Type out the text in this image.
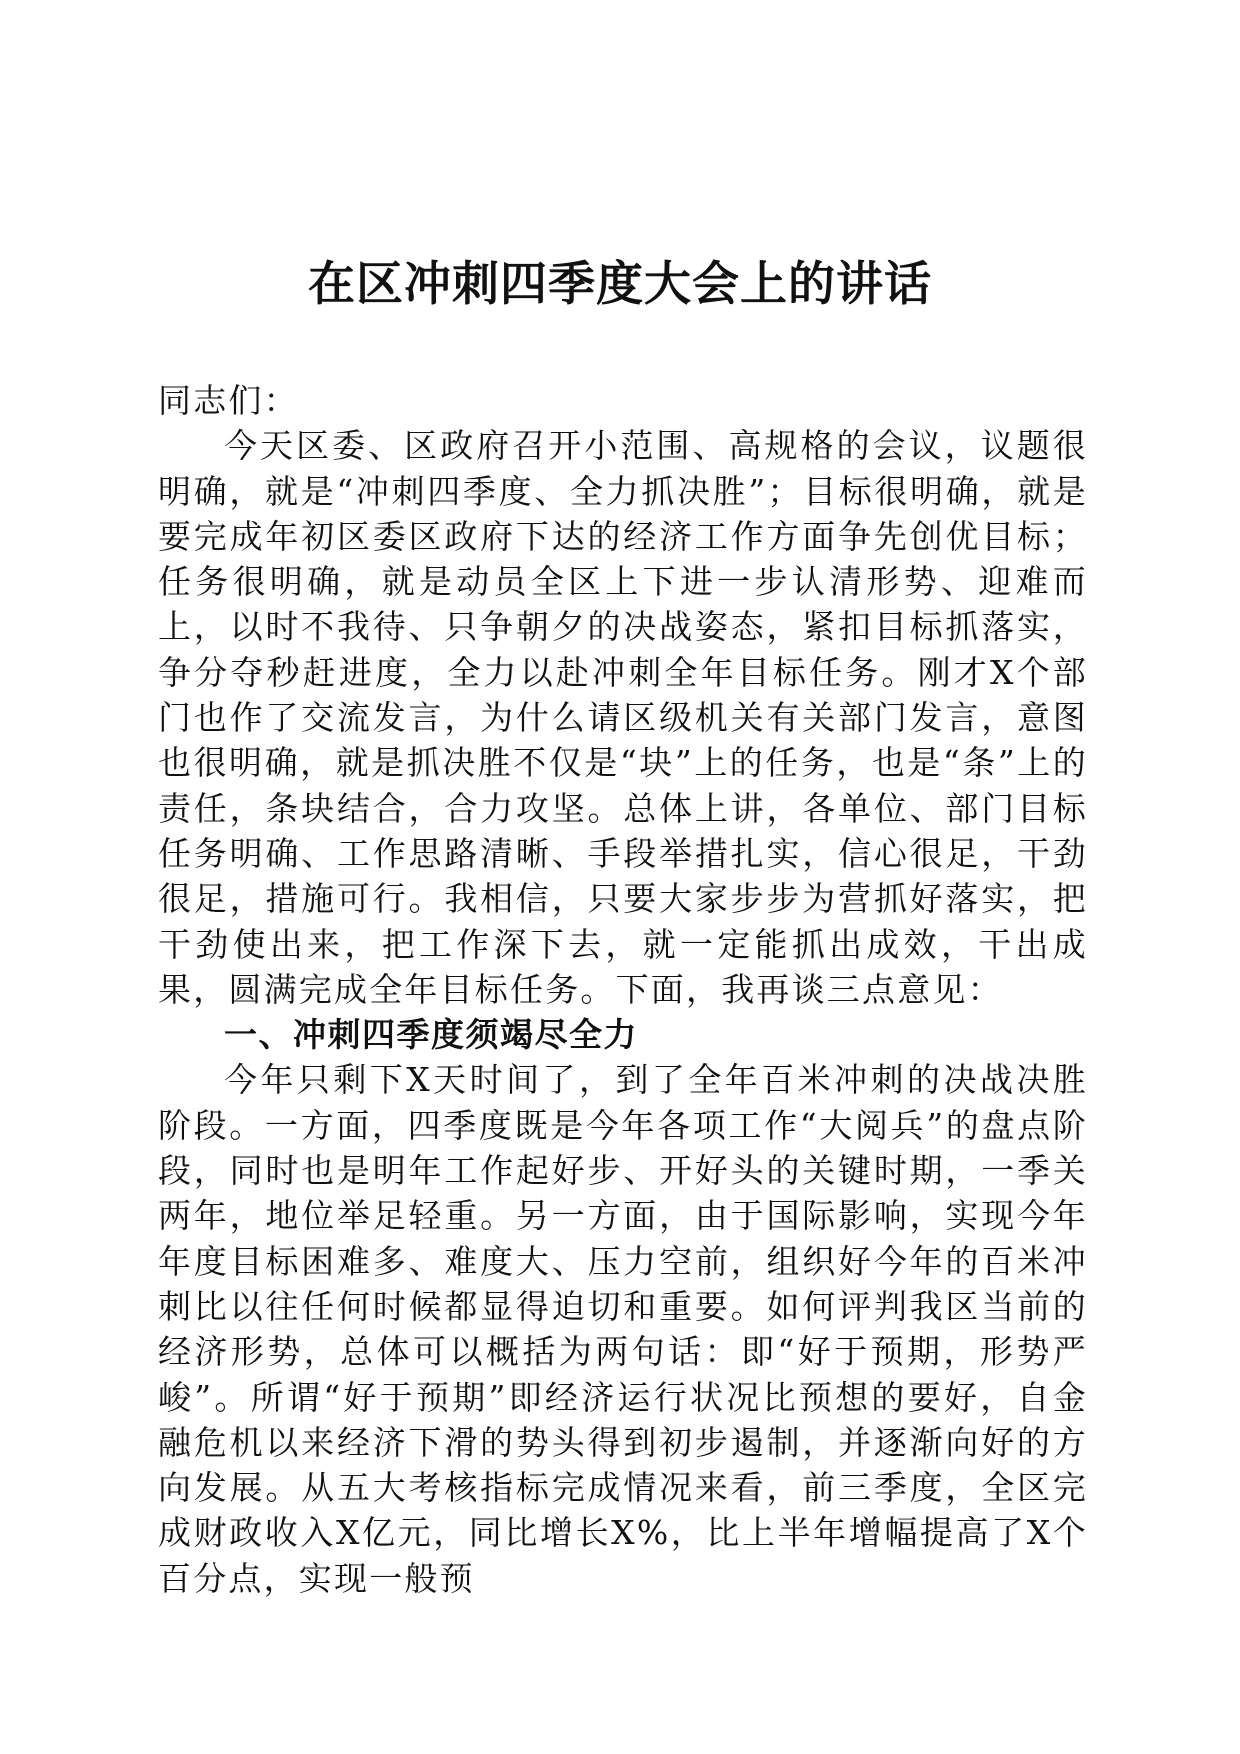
在区冲刺四季度大会上的讲话

同志们：

今天区委、区政府召开小范围、高规格的会议，议题很明确，就是“冲刺四季度、全力抓决胜”；目标很明确，就是要完成年初区委区政府下达的经济工作方面争先创优目标；任务很明确，就是动员全区上下进一步认清形势、迎难而上，以时不我待、只争朝夕的决战姿态，紧扣目标抓落实，争分夺秒赶进度，全力以赴冲刺全年目标任务。刚才X个部门也作了交流发言，为什么请区级机关有关部门发言，意图也很明确，就是抓决胜不仅是“块”上的任务，也是“条”上的责任，条块结合，合力攻坚。总体上讲，各单位、部门目标任务明确、工作思路清晰、手段举措扎实，信心很足，干劲很足，措施可行。我相信，只要大家步步为营抓好落实，把干劲使出来，把工作深下去，就一定能抓出成效，干出成果，圆满完成全年目标任务。下面，我再谈三点意见：

一、冲刺四季度须竭尽全力

今年只剩下X天时间了，到了全年百米冲刺的决战决胜阶段。一方面，四季度既是今年各项工作“大阅兵”的盘点阶段，同时也是明年工作起好步、开好头的关键时期，一季关两年，地位举足轻重。另一方面，由于国际影响，实现今年年度目标困难多、难度大、压力空前，组织好今年的百米冲刺比以往任何时候都显得迫切和重要。如何评判我区当前的经济形势，总体可以概括为两句话：即“好于预期，形势严峻”。所谓“好于预期”即经济运行状况比预想的要好，自金融危机以来经济下滑的势头得到初步遏制，并逐渐向好的方向发展。从五大考核指标完成情况来看，前三季度，全区完成财政收入X亿元，同比增长X%，比上半年增幅提高了X个百分点，实现一般预
